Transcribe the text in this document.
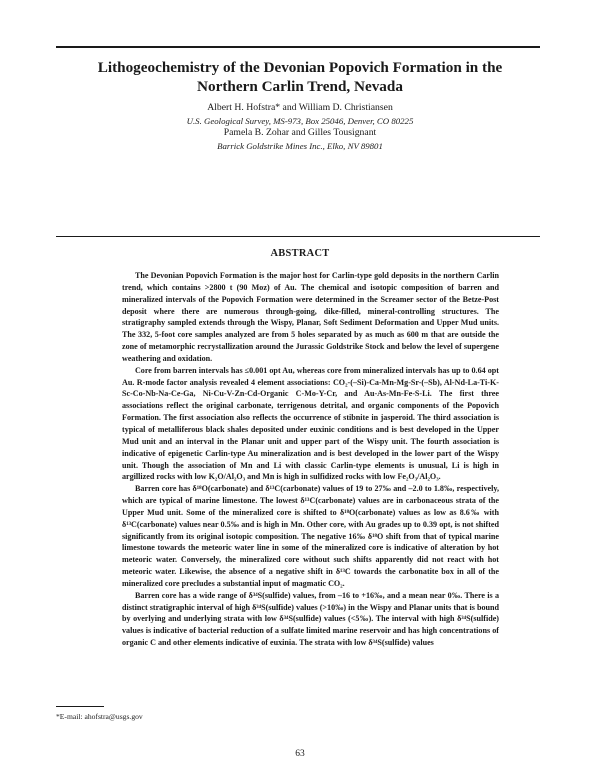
Lithogeochemistry of the Devonian Popovich Formation in the
Northern Carlin Trend, Nevada
Albert H. Hofstra* and William D. Christiansen
U.S. Geological Survey, MS-973, Box 25046, Denver, CO 80225
Pamela B. Zohar and Gilles Tousignant
Barrick Goldstrike Mines Inc., Elko, NV 89801
ABSTRACT

The Devonian Popovich Formation is the major host for Carlin-type gold deposits in the northern Carlin trend, which contains >2800 t (90 Moz) of Au. The chemical and isotopic composition of barren and mineralized intervals of the Popovich Formation were determined in the Screamer sector of the Betze-Post deposit where there are numerous through-going, dike-filled, mineral-controlling structures. The stratigraphy sampled extends through the Wispy, Planar, Soft Sediment Deformation and Upper Mud units. The 332, 5-foot core samples analyzed are from 5 holes separated by as much as 600 m that are outside the zone of metamorphic recrystallization around the Jurassic Goldstrike Stock and below the level of supergene weathering and oxidation.

Core from barren intervals has ≤0.001 opt Au, whereas core from mineralized intervals has up to 0.64 opt Au. R-mode factor analysis revealed 4 element associations: CO₂-(–Si)-Ca-Mn-Mg-Sr-(–Sb), Al-Nd-La-Ti-K-Sc-Co-Nb-Na-Ce-Ga, Ni-Cu-V-Zn-Cd-Organic C-Mo-Y-Cr, and Au-As-Mn-Fe-S-Li. The first three associations reflect the original carbonate, terrigenous detrital, and organic components of the Popovich Formation. The first association also reflects the occurrence of stibnite in jasperoid. The third association is typical of metalliferous black shales deposited under euxinic conditions and is best developed in the Upper Mud unit and an interval in the Planar unit and upper part of the Wispy unit. The fourth association is indicative of epigenetic Carlin-type Au mineralization and is best developed in the lower part of the Wispy unit. Though the association of Mn and Li with classic Carlin-type elements is unusual, Li is high in argillized rocks with low K₂O/Al₂O₃ and Mn is high in sulfidized rocks with low Fe₂O₃/Al₂O₃.

Barren core has δ¹⁸O(carbonate) and δ¹³C(carbonate) values of 19 to 27‰ and –2.0 to 1.8‰, respectively, which are typical of marine limestone. The lowest δ¹³C(carbonate) values are in carbonaceous strata of the Upper Mud unit. Some of the mineralized core is shifted to δ¹⁸O(carbonate) values as low as 8.6‰ with δ¹³C(carbonate) values near 0.5‰ and is high in Mn. Other core, with Au grades up to 0.39 opt, is not shifted significantly from its original isotopic composition. The negative 16‰ δ¹⁸O shift from that of typical marine limestone towards the meteoric water line in some of the mineralized core is indicative of alteration by hot meteoric water. Conversely, the mineralized core without such shifts apparently did not react with hot meteoric water. Likewise, the absence of a negative shift in δ¹³C towards the carbonatite box in all of the mineralized core precludes a substantial input of magmatic CO₂.

Barren core has a wide range of δ³⁴S(sulfide) values, from –16 to +16‰, and a mean near 0‰. There is a distinct stratigraphic interval of high δ³⁴S(sulfide) values (>10‰) in the Wispy and Planar units that is bound by overlying and underlying strata with low δ³⁴S(sulfide) values (<5‰). The interval with high δ³⁴S(sulfide) values is indicative of bacterial reduction of a sulfate limited marine reservoir and has high concentrations of organic C and other elements indicative of euxinia. The strata with low δ³⁴S(sulfide) values

*E-mail: ahofstra@usgs.gov
63
